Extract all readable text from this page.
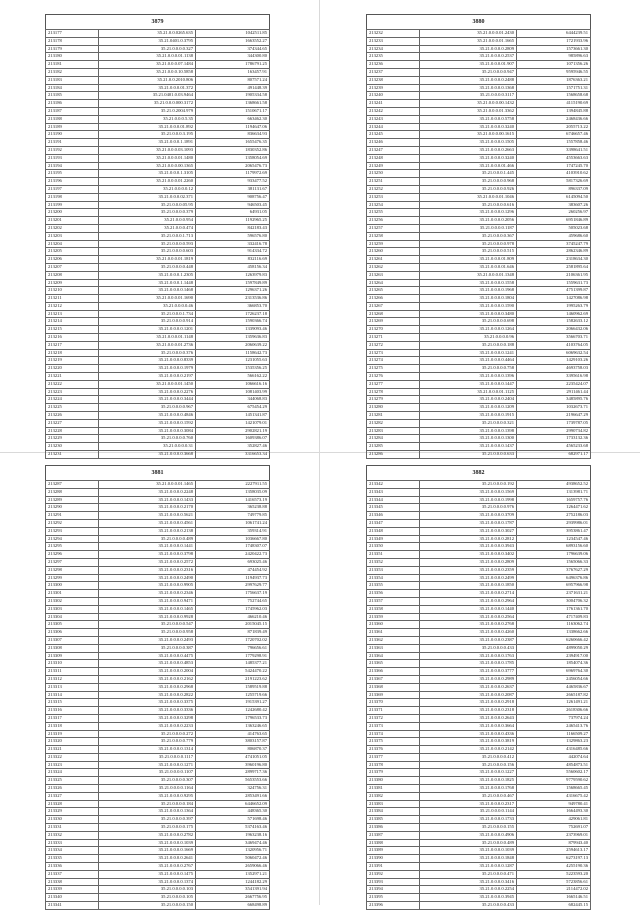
3879
213177	35.21.0.0.0265.635	1042511.85
213178	35.21.0401.0.3795	1663552.27
213179	35.21.0.0.0.0.327	374344.65
213180	35.21.0.0.0.01.1138	344300.80
213181	35.21.0.0.0.07.1484	1786791.25
213182	35.21.0.0.0.10.5858	163457.91
213183	35.21.0.0.2010.806	807571.24
213184	35.21.0.0.0.01.372	491448.39
213185	35.21.0401.0.03.9464	1905334.58
213186	35.21.0.0.0.000.3172	1368661.58
213187	35.21.0.2004.979	1510671.17
213188	35.21.0.0.0.5.35	663462.30
213189	35.21.0.0.0.01.892	1194647.06
213190	35.21.0.0.0.3.195	836634.93
213191	35.21.0.0.0.1.1891	1655476.35
213192	35.21.0.0.0.03.1093	1830352.86
213193	35.21.0.0.0.01.1480	1358054.69
213194	35.21.0.0.0.00.1365	2065476.73
213195	35.21.0.0.0.1.3105	1179972.69
213196	35.21.0.0.0.01.2260	933477.52
213197	35.21.0.0.0.0.12	381131.67
213198	35.21.0.0.0.02.371	908756.47
213199	35.21.0.0.0.05.95	946503.45
213200	35.21.0.0.0.0.379	64931.05
213201	35.21.0.0.0.954	1192965.25
213202	35.21.0.0.0.474	842183.43
213203	35.21.0.0.0.1.713	596576.80
213204	35.21.0.0.0.0.593	332416.78
213205	35.21.0.0.0.0.603	914334.72
213206	35.21.0.0.0.01.1819	832116.69
213207	35.21.0.0.0.0.448	458156.34
213208	35.21.0.0.0.1.2305	1263979.83
213209	35.21.0.0.0.1.1448	1597849.89
213210	35.21.0.0.0.0.1468	1296371.26
213211	35.21.0.0.0.01.1690	2313536.86
213212	35.21.0.0.0.0.46	366853.70
213213	35.21.0.0.0.1.734	1726237.18
213214	35.21.0.0.0.0.914	1590366.74
213215	35.21.0.0.0.0.1201	1339093.46
213216	35.21.0.0.0.01.1148	1359636.83
213217	35.21.0.0.0.01.2736	2060639.22
213218	35.21.0.0.0.0.376	1158642.73
213219	35.21.0.0.0.0.8339	1231055.63
213220	35.21.0.0.0.0.1979	1535356.25
213221	35.21.0.0.0.0.2197	566162.22
213222	35.21.0.0.0.01.1450	1066616.16
213223	35.21.0.0.0.0.2276	1081403.99
213224	35.21.0.0.0.0.3444	344068.83
213225	35.21.0.0.0.0.967	675454.29
213226	35.21.0.0.0.0.4846	1451341.87
213227	35.21.0.0.0.0.1592	1421079.01
213228	35.21.0.0.0.0.3084	2902821.19
213229	35.21.0.0.0.0.760	1609386.07
213230	35.21.0.0.0.0.31	352827.46
213231	35.21.0.0.0.0.3668	3316653.34
3880
213232	35.21.0.0.0.01.2430	6444239.51
213233	35.21.0.0.0.01.1665	1721933.96
213234	35.21.0.0.0.0.2809	1573661.30
213235	35.21.0.0.0.0.2537	985896.63
213236	35.21.0.0.0.01.907	1071356.26
213237	35.21.0.0.0.0.947	9595946.55
213238	35.21.0.0.0.0.2488	1876363.21
213239	35.21.0.0.0.0.1368	1571751.31
213240	35.21.0.0.0.0.3117	1568658.68
213241	35.21.0.0.0.00.1432	4115190.69
213242	35.21.0.0.0.01.3362	1394845.88
213243	35.21.0.0.0.0.5758	2468436.66
213244	35.21.0.0.0.0.3240	2055713.22
213245	35.21.0.0.0.00.1615	6746657.46
213246	35.21.0.0.0.0.1505	1557858.46
213247	35.21.0.0.0.0.2663	3398641.51
213248	35.21.0.0.0.0.3240	4553663.63
213249	35.21.0.0.0.01.466	1747245.70
213250	35.21.0.0.0.1.445	4103910.62
213251	35.21.0.0.0.0.968	5817326.69
213252	35.21.0.0.0.0.926	896337.09
213253	35.21.0.0.0.01.1046	6145094.50
213254	35.21.0.0.0.0.616	383607.26
213255	35.21.0.0.0.0.1296	260256.97
213256	35.21.0.0.0.0.2056	6951846.89
213257	35.21.0.0.0.0.1187	505023.68
213258	35.21.0.0.0.0.367	459686.60
213259	35.21.0.0.0.0.978	3745247.79
213260	35.21.0.0.0.0.515	2862346.89
213261	35.21.0.0.0.01.809	2318634.30
213262	35.21.0.0.0.01.646	2581895.64
213263	35.21.0.0.0.01.1348	2106361.95
213264	35.21.0.0.0.0.1558	1559631.73
213265	35.21.0.0.0.0.1968	4751399.87
213266	35.21.0.0.0.0.1804	1427086.98
213267	35.21.0.0.0.0.1590	1995263.79
213268	35.21.0.0.0.0.3480	1460962.69
213269	35.21.0.0.0.0.698	1582633.12
213270	35.21.0.0.0.0.1264	2066432.06
213271	35.21.0.0.0.0.96	3566703.71
213272	35.21.0.0.0.0.188	4103764.05
213273	35.21.0.0.0.0.1241	6069632.54
213274	35.21.0.0.0.0.4464	1429103.26
213275	35.21.0.0.0.0.758	4693758.03
213276	35.21.0.0.0.0.1396	3395616.98
213277	35.21.0.0.0.0.1447	2235424.07
213278	35.21.0.0.0.01.1125	2911461.44
213279	35.21.0.0.0.0.2404	3485895.76
213280	35.21.0.0.0.0.1209	1032673.71
213281	35.21.0.0.0.0.1915	2196647.29
213282	35.21.0.0.0.0.321	1739787.05
213283	35.21.0.0.0.0.1398	2990734.82
213284	35.21.0.0.0.0.1300	1733132.36
213285	35.21.0.0.0.0.1437	4565233.68
213286	35.21.0.0.0.0.633	682971.17
3881
213287	35.21.0.0.0.01.1465	2227911.55
213288	35.21.0.0.0.0.2248	1358035.09
213289	35.21.0.0.0.0.1433	1416573.19
213290	35.21.0.0.0.0.2170	365238.88
213291	35.21.0.0.0.0.5621	749779.85
213292	35.21.0.0.0.0.4561	1061741.24
213293	35.21.0.0.0.0.2138	359314.91
213294	35.21.0.0.0.0.489	1036667.80
213295	35.21.0.0.0.0.1441	1748307.07
213296	35.21.0.0.0.0.3798	2420422.73
213297	35.21.0.0.0.0.2572	693025.46
213298	35.21.0.0.0.0.2316	474454.92
213299	35.21.0.0.0.0.2490	1194937.73
213300	35.21.0.0.0.0.9905	2997629.77
213301	35.21.0.0.0.0.2346	1756637.19
213302	35.21.0.0.0.0.9471	752744.65
213303	35.21.0.0.0.0.1465	1745962.03
213304	35.21.0.0.0.0.9928	466210.46
213305	35.21.0.0.0.0.547	2015045.15
213306	35.21.0.0.0.0.958	871839.49
213307	35.21.0.0.0.0.2493	1720702.02
213308	35.21.0.0.0.0.387	796656.61
213309	35.21.0.0.0.0.4475	1779298.91
213310	35.21.0.0.0.0.4853	1485377.21
213311	35.21.0.0.0.0.2004	5424470.22
213312	35.21.0.0.0.0.2162	2191223.62
213313	35.21.0.0.0.0.2968	1589519.88
213314	35.21.0.0.0.0.2822	1255719.66
213315	35.21.0.0.0.0.3375	1915391.27
213316	35.21.0.0.0.0.3336	1242680.42
213317	35.21.0.0.0.0.3298	1796533.73
213318	35.21.0.0.0.0.2233	1363246.65
213319	35.21.0.0.0.0.272	414763.65
213320	35.21.0.0.0.0.779	3803157.87
213321	35.21.0.0.0.0.1314	806870.37
213322	35.21.0.0.0.0.1117	4741051.05
213323	35.21.0.0.0.0.1271	3960196.80
213324	35.21.0.0.0.0.1107	2899717.36
213325	35.21.0.0.0.0.307	5653553.66
213326	35.21.0.0.0.0.1164	324756.31
213327	35.21.0.0.0.0.9295	2853491.66
213328	35.21.0.0.0.0.184	6446652.09
213329	35.21.0.0.0.0.1364	448365.30
213330	35.21.0.0.0.0.397	571698.46
213331	35.21.0.0.0.0.175	5374163.46
213332	35.21.0.0.0.0.2782	1963238.16
213333	35.21.0.0.0.0.1039	3469474.46
213334	35.21.0.0.0.0.1669	1320956.71
213335	35.21.0.0.0.0.2641	5060472.46
213336	35.21.0.0.0.0.2767	2659066.46
213337	35.21.0.0.0.0.1475	1352971.21
213338	35.21.0.0.0.0.1374	1244182.29
213339	35.21.0.0.0.0.103	3541391.94
213340	35.21.0.0.0.0.105	2667756.95
213341	35.21.0.0.0.0.150	668498.89
3882
213342	35.21.0.0.0.0.192	4938652.52
213343	35.21.0.0.0.0.1569	1313981.71
213344	35.21.0.0.0.0.1998	1659757.76
213345	35.21.0.0.0.0.976	1264471.62
213346	35.21.0.0.0.0.3709	2752186.03
213347	35.21.0.0.0.0.1787	2939986.01
213348	35.21.0.0.0.0.3027	3953861.47
213349	35.21.0.0.0.0.2812	1234547.46
213350	35.21.0.0.0.0.3943	6893156.60
213351	35.21.0.0.0.0.3402	1796639.06
213352	35.21.0.0.0.0.2809	1565066.33
213353	35.21.0.0.0.0.2359	3767627.29
213354	35.21.0.0.0.0.2499	6496376.86
213355	35.21.0.0.0.0.1850	6957966.98
213356	35.21.0.0.0.0.2714	2371631.21
213357	35.21.0.0.0.0.2964	3004706.32
213358	35.21.0.0.0.0.1440	1761361.70
213359	35.21.0.0.0.0.2564	4717409.83
213360	35.21.0.0.0.0.2768	1163062.74
213361	35.21.0.0.0.0.4260	1338662.66
213362	35.21.0.0.0.0.2387	6260666.42
213363	35.21.0.0.0.0.433	4899050.29
213364	35.21.0.0.0.0.1763	2394917.00
213365	35.21.0.0.0.0.1785	1854074.36
213366	35.21.0.0.0.0.3777	6969764.30
213367	35.21.0.0.0.0.2989	2456054.66
213368	35.21.0.0.0.0.2637	4465836.67
213369	35.21.0.0.0.0.2087	2665187.82
213370	35.21.0.0.0.0.2918	1261491.21
213371	35.21.0.0.0.0.2318	2618306.66
213372	35.21.0.0.0.0.2643	737974.24
213373	35.21.0.0.0.0.3664	2465413.76
213374	35.21.0.0.0.0.4336	1166509.27
213375	35.21.0.0.0.0.3819	1329863.23
213376	35.21.0.0.0.0.2142	4316485.66
213377	35.21.0.0.0.0.412	442074.64
213378	35.21.0.0.0.0.156	4854873.51
213379	35.21.0.0.0.0.1227	5560602.17
213380	35.21.0.0.0.0.1825	9779590.62
213381	35.21.0.0.0.0.1768	1568665.45
213382	35.21.0.0.0.0.467	4316675.42
213383	35.21.0.0.0.0.2317	949780.41
213384	35.21.0.0.0.0.1144	1664493.30
213385	35.21.0.0.0.0.1733	429061.81
213386	35.21.0.0.0.0.155	752691.07
213387	35.21.0.0.0.0.4906	2373969.01
213388	35.21.0.0.0.0.489	879943.40
213389	35.21.0.0.0.0.1039	2594613.17
213390	35.21.0.0.0.0.1848	6273197.13
213391	35.21.0.0.0.0.1287	4255190.36
213392	35.21.0.0.0.0.471	5223593.20
213393	35.21.0.0.0.0.3416	5723856.61
213394	35.21.0.0.0.0.2254	2114472.02
213395	35.21.0.0.0.0.3945	1665146.51
213396	35.21.0.0.0.0.433	682445.15
